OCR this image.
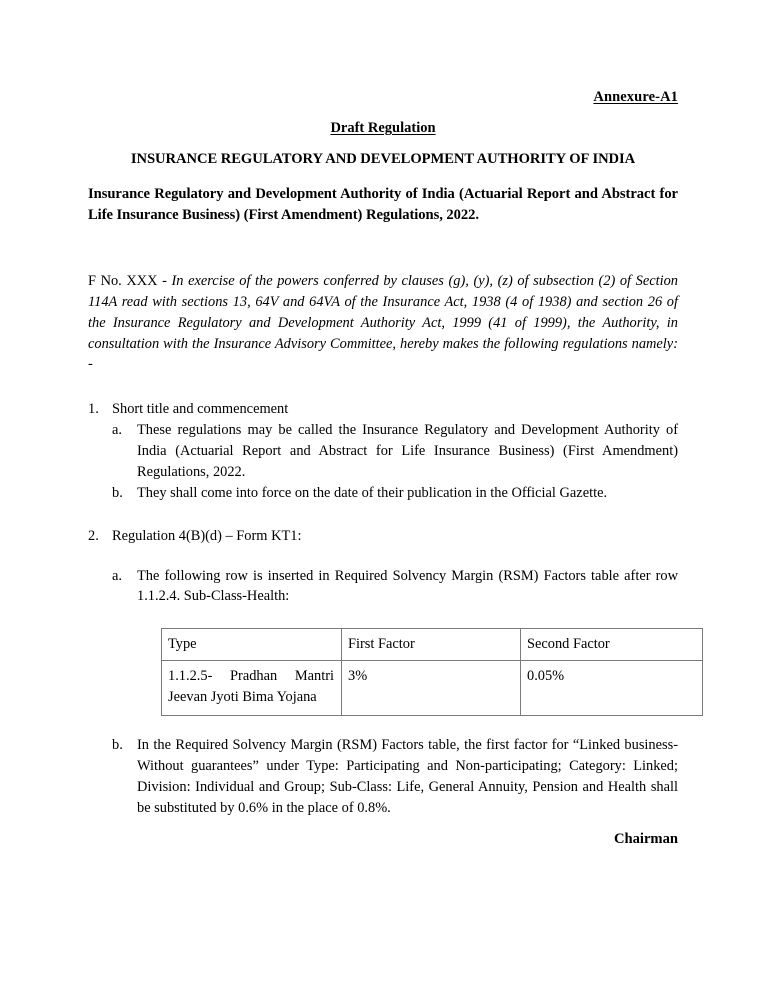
Annexure-A1
Draft Regulation
INSURANCE REGULATORY AND DEVELOPMENT AUTHORITY OF INDIA
Insurance Regulatory and Development Authority of India (Actuarial Report and Abstract for Life Insurance Business) (First Amendment) Regulations, 2022.
F No. XXX - In exercise of the powers conferred by clauses (g), (y), (z) of subsection (2) of Section 114A read with sections 13, 64V and 64VA of the Insurance Act, 1938 (4 of 1938) and section 26 of the Insurance Regulatory and Development Authority Act, 1999 (41 of 1999), the Authority, in consultation with the Insurance Advisory Committee, hereby makes the following regulations namely: -
1. Short title and commencement
a.	These regulations may be called the Insurance Regulatory and Development Authority of India (Actuarial Report and Abstract for Life Insurance Business) (First Amendment) Regulations, 2022.
b. They shall come into force on the date of their publication in the Official Gazette.
2. Regulation 4(B)(d) – Form KT1:
a.	The following row is inserted in Required Solvency Margin (RSM) Factors table after row 1.1.2.4. Sub-Class-Health:
Type	First Factor	Second Factor
1.1.2.5- Pradhan Mantri Jeevan Jyoti Bima Yojana	3%	0.05%
b. In the Required Solvency Margin (RSM) Factors table, the first factor for “Linked business- Without guarantees” under Type: Participating and Non-participating; Category: Linked; Division: Individual and Group; Sub-Class: Life, General Annuity, Pension and Health shall be substituted by 0.6% in the place of 0.8%.
Chairman
